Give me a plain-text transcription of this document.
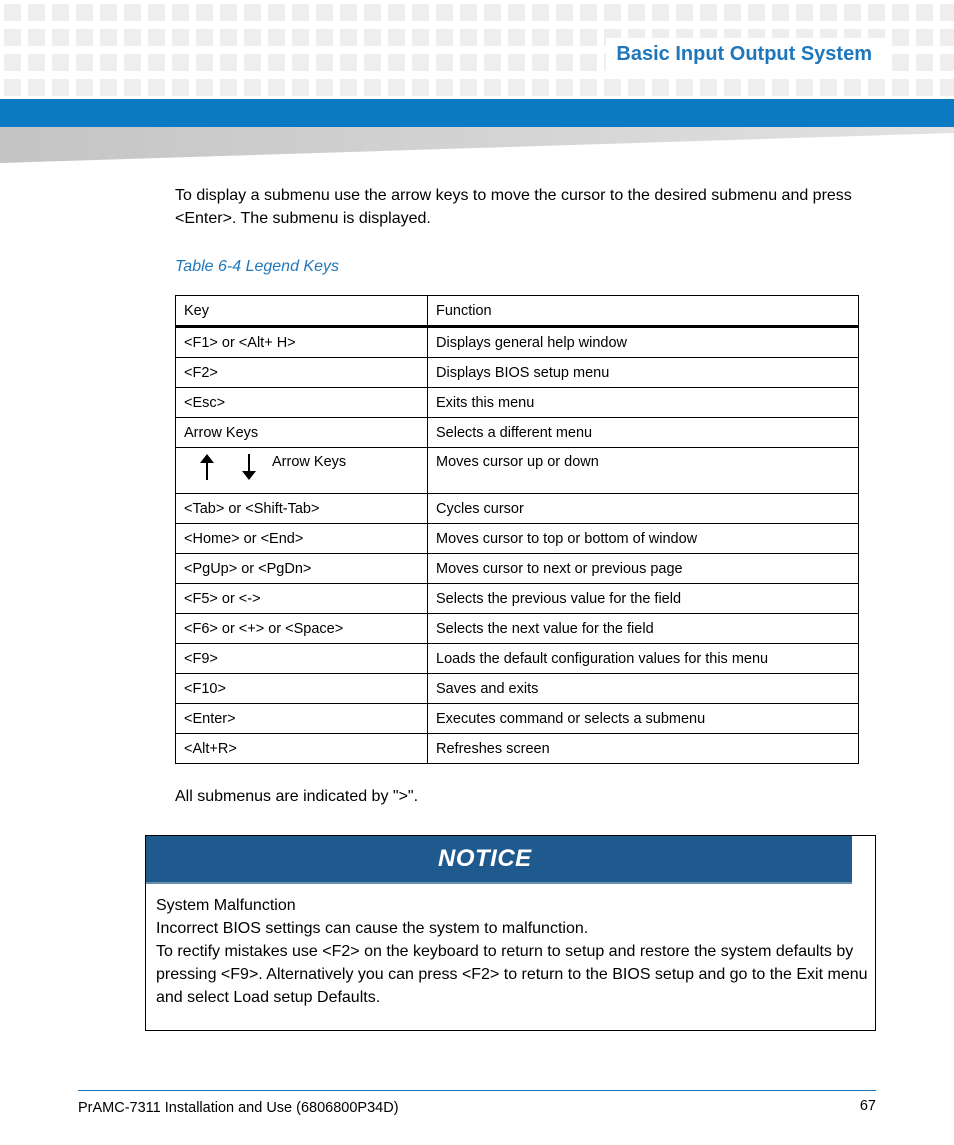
Basic Input Output System
To display a submenu use the arrow keys to move the cursor to the desired submenu and press <Enter>. The submenu is displayed.
Table 6-4 Legend Keys
Key	Function
<F1> or <Alt+ H>	Displays general help window
<F2>	Displays BIOS setup menu
<Esc>	Exits this menu
Arrow Keys	Selects a different menu

Arrow Keys	Moves cursor up or down
<Tab> or <Shift-Tab>	Cycles cursor
<Home> or <End>	Moves cursor to top or bottom of window
<PgUp> or <PgDn>	Moves cursor to next or previous page
<F5> or <->	Selects the previous value for the field
<F6> or <+> or <Space>	Selects the next value for the field
<F9>	Loads the default configuration values for this menu
<F10>	Saves and exits
<Enter>	Executes command or selects a submenu
<Alt+R>	Refreshes screen
All submenus are indicated by ">".
NOTICE
System Malfunction
Incorrect BIOS settings can cause the system to malfunction.
To rectify mistakes use <F2> on the keyboard to return to setup and restore the system defaults by pressing <F9>. Alternatively you can press <F2> to return to the BIOS setup and go to the Exit menu and select Load setup Defaults.
PrAMC-7311 Installation and Use (6806800P34D)	67
